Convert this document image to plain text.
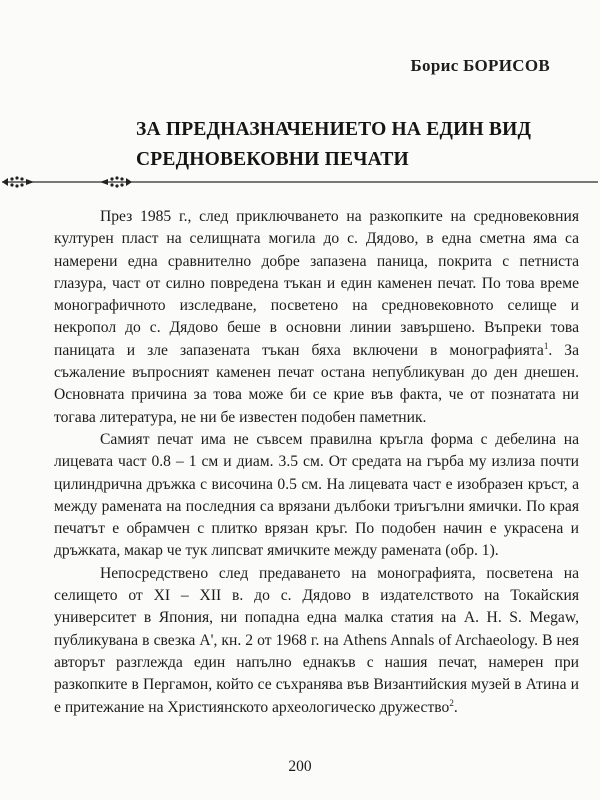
Борис БОРИСОВ
ЗА ПРЕДНАЗНАЧЕНИЕТО НА ЕДИН ВИД
СРЕДНОВЕКОВНИ ПЕЧАТИ

През 1985 г., след приключването на разкопките на средновековния културен пласт на селищната могила до с. Дядово, в една сметна яма са намерени една сравнително добре запазена паница, покрита с петниста глазура, част от силно повредена тъкан и един каменен печат. По това време монографичното изследване, посветено на средновековното селище и некропол до с. Дядово беше в основни линии завършено. Въпреки това паницата и зле запазената тъкан бяха включени в монографията$^1$. За съжаление въпросният каменен печат остана непубликуван до ден днешен. Основната причина за това може би се крие във факта, че от познатата ни тогава литература, не ни бе известен подобен паметник.

Самият печат има не съвсем правилна кръгла форма с дебелина на лицевата част 0.8 – 1 см и диам. 3.5 см. От средата на гърба му излиза почти цилиндрична дръжка с височина 0.5 см. На лицевата част е изобразен кръст, а между рамената на последния са врязани дълбоки триъгълни ямички. По края печатът е обрамчен с плитко врязан кръг. По подобен начин е украсена и дръжката, макар че тук липсват ямичките между рамената (обр. 1).

Непосредствено след предаването на монографията, посветена на селището от XI – XII в. до с. Дядово в издателството на Токайския университет в Япония, ни попадна една малка статия на A. H. S. Megaw, публикувана в свезка A', кн. 2 от 1968 г. на Athens Annals of Archaeology. В нея авторът разглежда един напълно еднакъв с нашия печат, намерен при разкопките в Пергамон, който се съхранява във Византийския музей в Атина и е притежание на Християнското археологическо дружество$^2$.

200
